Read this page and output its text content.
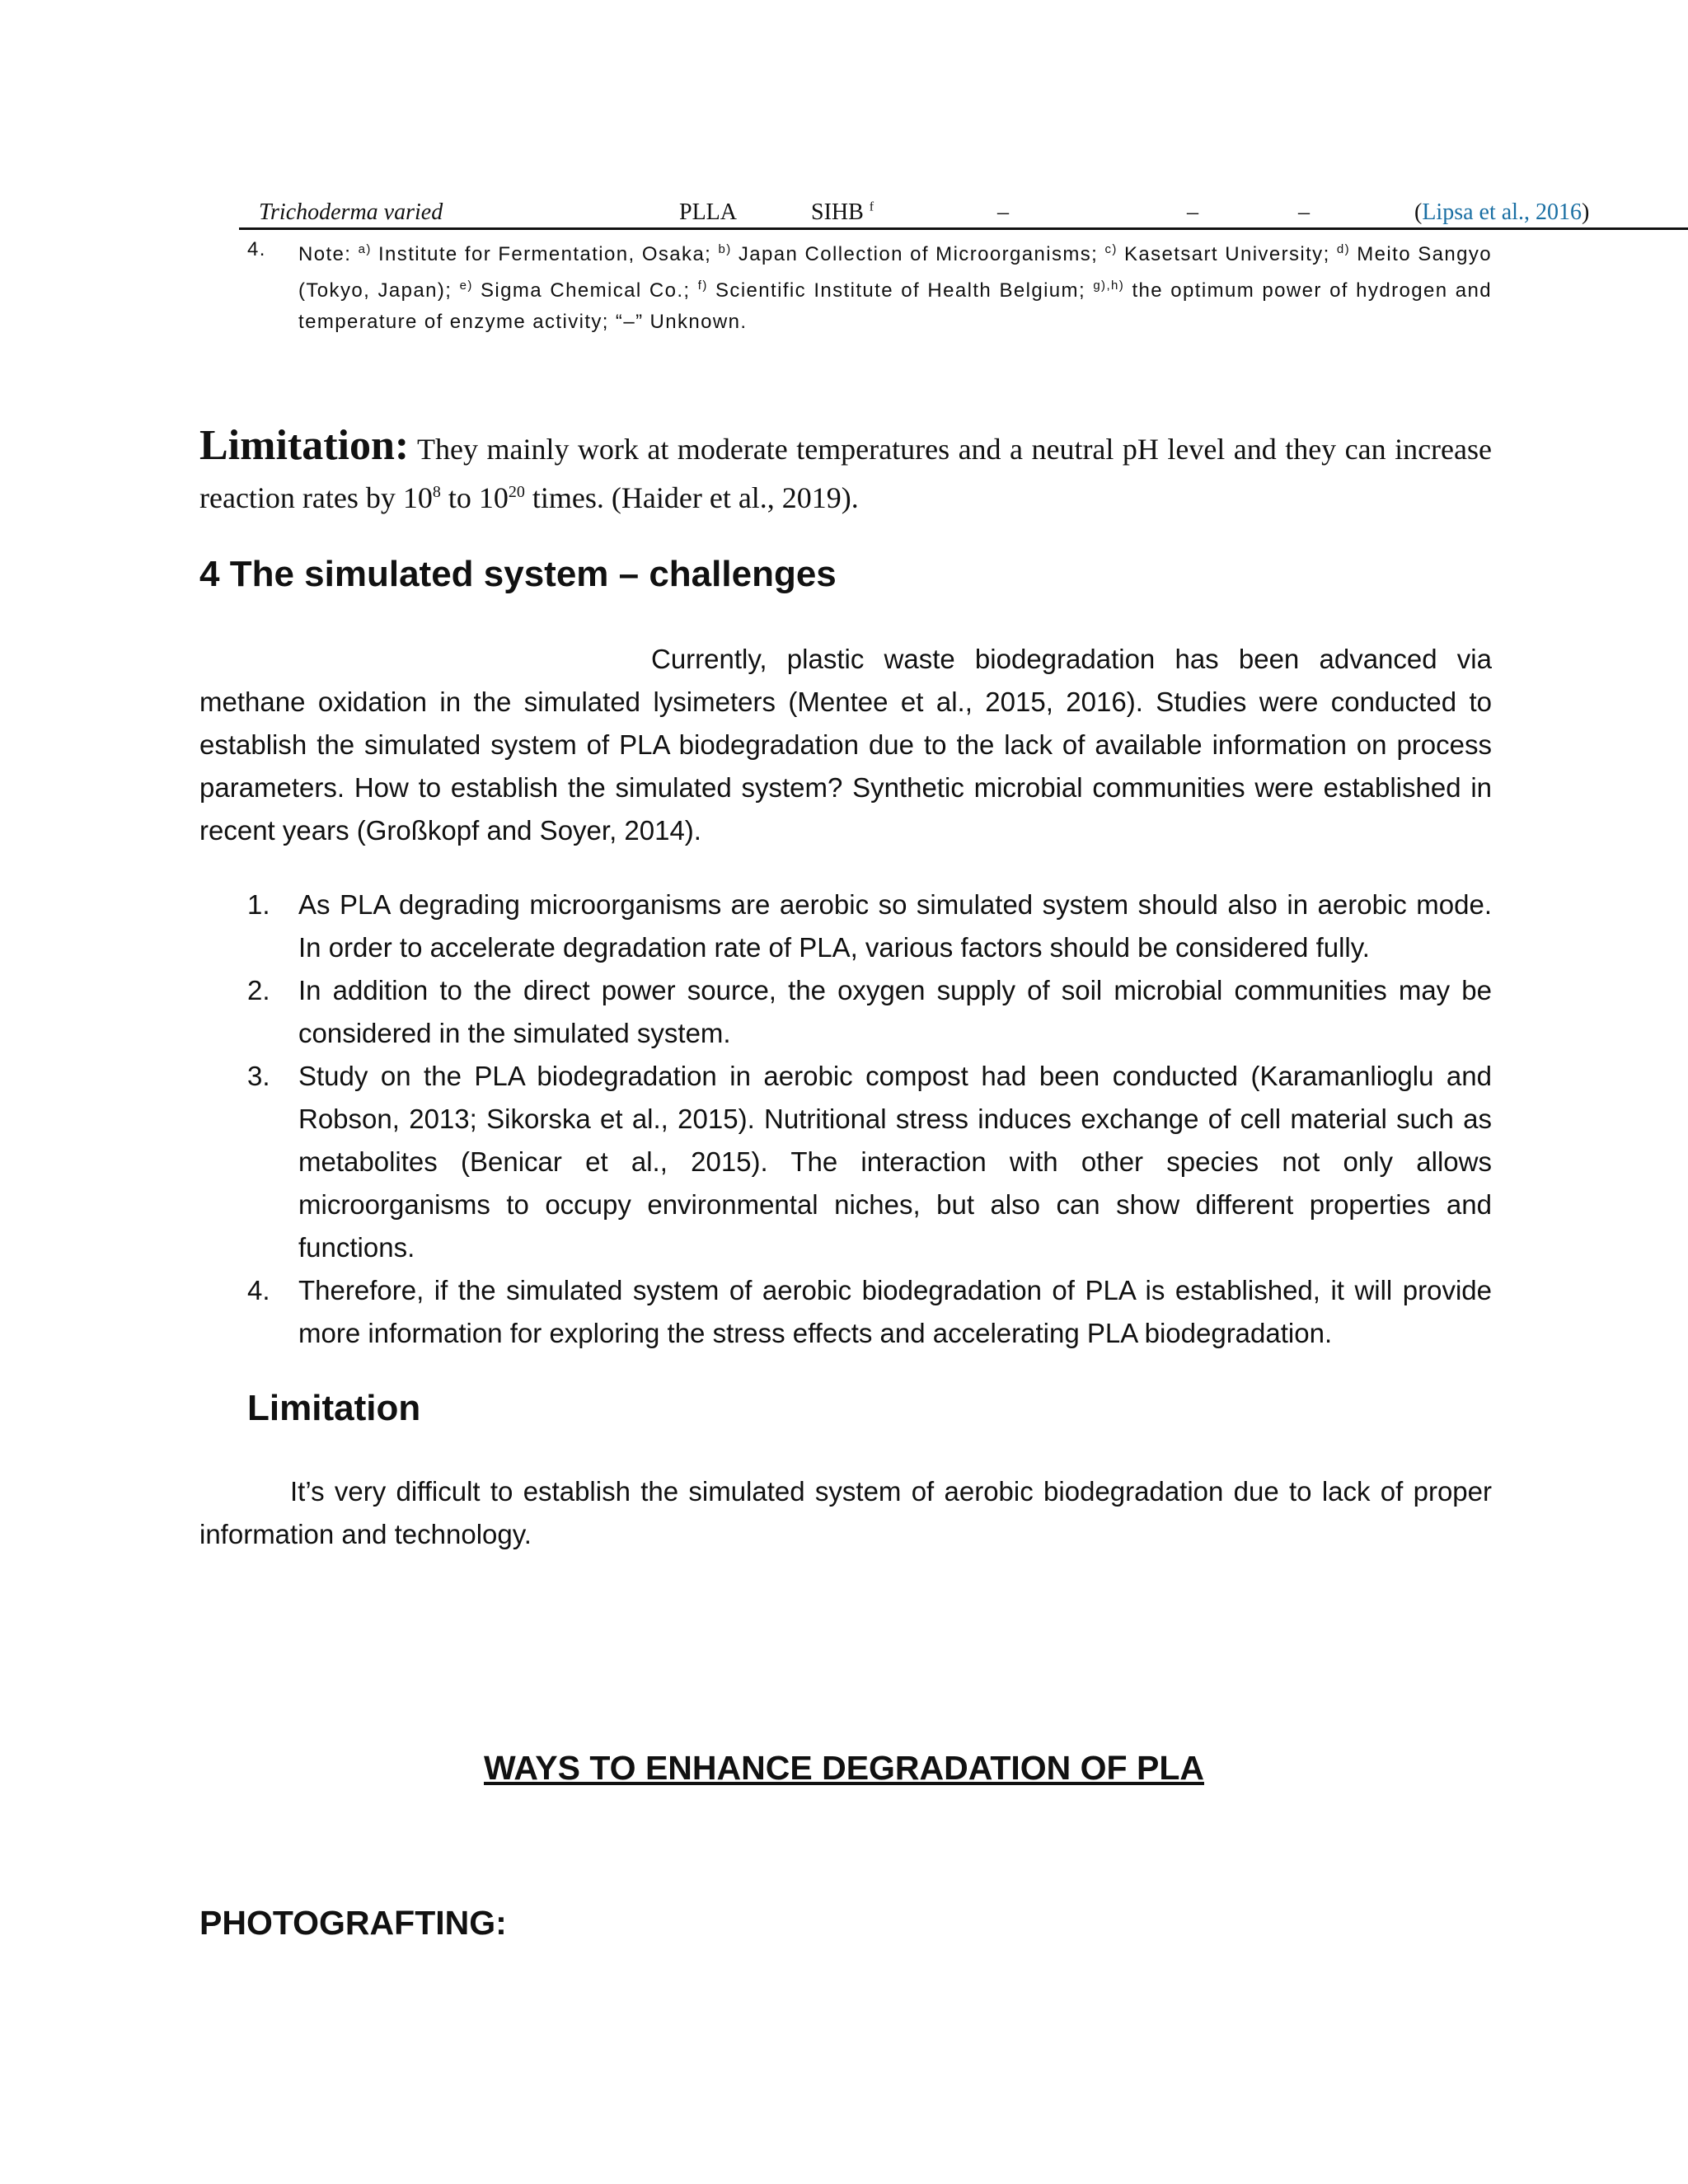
Trichoderma varied	PLLA	SIHB $^f$	–	–	–	(Lipsa et al., 2016)
4. Note: $^{a)}$ Institute for Fermentation, Osaka; $^{b)}$ Japan Collection of Microorganisms; $^{c)}$ Kasetsart University; $^{d)}$ Meito Sangyo (Tokyo, Japan); $^{e)}$ Sigma Chemical Co.; $^{f)}$ Scientific Institute of Health Belgium; $^{g),h)}$ the optimum power of hydrogen and temperature of enzyme activity; “–” Unknown.

Limitation: They mainly work at moderate temperatures and a neutral pH level and they can increase reaction rates by $10^8$ to $10^{20}$ times. (Haider et al., 2019).

4 The simulated system – challenges

Currently, plastic waste biodegradation has been advanced via methane oxidation in the simulated lysimeters (Mentee et al., 2015, 2016). Studies were conducted to establish the simulated system of PLA biodegradation due to the lack of available information on process parameters. How to establish the simulated system? Synthetic microbial communities were established in recent years (Großkopf and Soyer, 2014).

1. As PLA degrading microorganisms are aerobic so simulated system should also in aerobic mode. In order to accelerate degradation rate of PLA, various factors should be considered fully.
2. In addition to the direct power source, the oxygen supply of soil microbial communities may be considered in the simulated system.
3. Study on the PLA biodegradation in aerobic compost had been conducted (Karamanlioglu and Robson, 2013; Sikorska et al., 2015). Nutritional stress induces exchange of cell material such as metabolites (Benicar et al., 2015). The interaction with other species not only allows microorganisms to occupy environmental niches, but also can show different properties and functions.
4. Therefore, if the simulated system of aerobic biodegradation of PLA is established, it will provide more information for exploring the stress effects and accelerating PLA biodegradation.
Limitation

It’s very difficult to establish the simulated system of aerobic biodegradation due to lack of proper information and technology.

WAYS TO ENHANCE DEGRADATION OF PLA
PHOTOGRAFTING:
